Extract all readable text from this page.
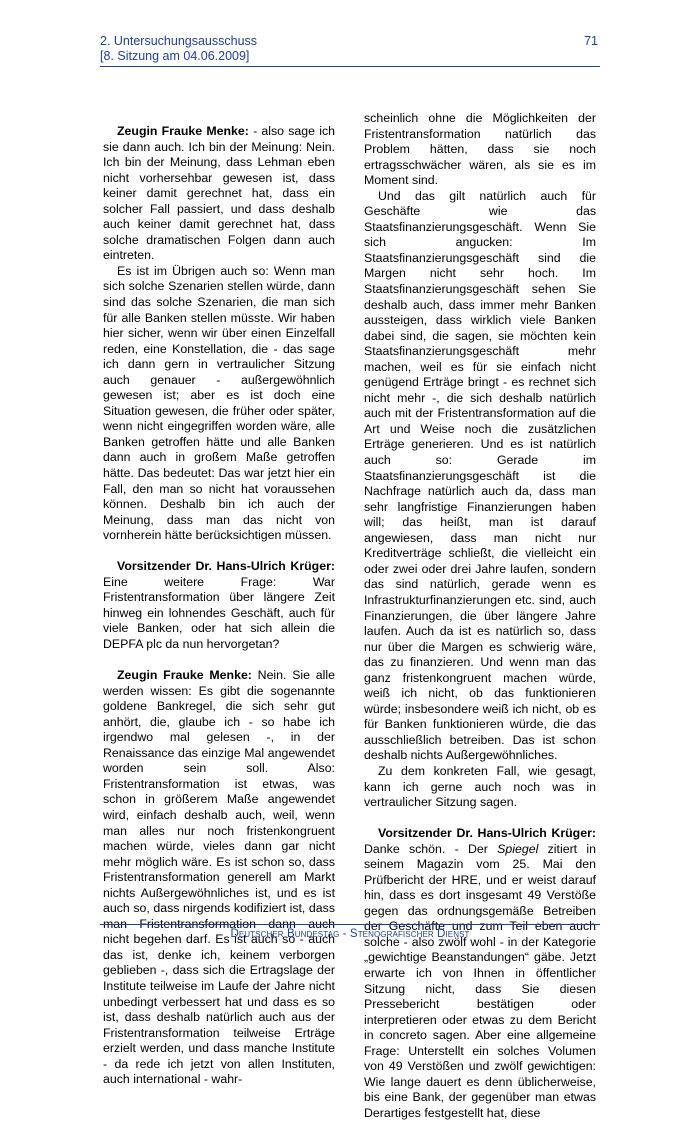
2. Untersuchungsausschuss
[8. Sitzung am 04.06.2009]
71

Zeugin Frauke Menke: - also sage ich sie dann auch. Ich bin der Meinung: Nein. Ich bin der Meinung, dass Lehman eben nicht vorhersehbar gewesen ist, dass keiner damit gerechnet hat, dass ein solcher Fall passiert, und dass deshalb auch keiner damit gerechnet hat, dass solche dramatischen Folgen dann auch eintreten.

Es ist im Übrigen auch so: Wenn man sich solche Szenarien stellen würde, dann sind das solche Szenarien, die man sich für alle Banken stellen müsste. Wir haben hier sicher, wenn wir über einen Einzelfall reden, eine Konstellation, die - das sage ich dann gern in vertraulicher Sitzung auch genauer - außergewöhnlich gewesen ist; aber es ist doch eine Situation gewesen, die früher oder später, wenn nicht eingegriffen worden wäre, alle Banken getroffen hätte und alle Banken dann auch in großem Maße getroffen hätte. Das bedeutet: Das war jetzt hier ein Fall, den man so nicht hat voraussehen können. Deshalb bin ich auch der Meinung, dass man das nicht von vornherein hätte berücksichtigen müssen.

Vorsitzender Dr. Hans-Ulrich Krüger: Eine weitere Frage: War Fristentransformation über längere Zeit hinweg ein lohnendes Geschäft, auch für viele Banken, oder hat sich allein die DEPFA plc da nun hervorgetan?

Zeugin Frauke Menke: Nein. Sie alle werden wissen: Es gibt die sogenannte goldene Bankregel, die sich sehr gut anhört, die, glaube ich - so habe ich irgendwo mal gelesen -, in der Renaissance das einzige Mal angewendet worden sein soll. Also: Fristentransformation ist etwas, was schon in größerem Maße angewendet wird, einfach deshalb auch, weil, wenn man alles nur noch fristenkongruent machen würde, vieles dann gar nicht mehr möglich wäre. Es ist schon so, dass Fristentransformation generell am Markt nichts Außergewöhnliches ist, und es ist auch so, dass nirgends kodifiziert ist, dass man Fristentransformation dann auch nicht begehen darf. Es ist auch so - auch das ist, denke ich, keinem verborgen geblieben -, dass sich die Ertragslage der Institute teilweise im Laufe der Jahre nicht unbedingt verbessert hat und dass es so ist, dass deshalb natürlich auch aus der Fristentransformation teilweise Erträge erzielt werden, und dass manche Institute - da rede ich jetzt von allen Instituten, auch international - wahr-

scheinlich ohne die Möglichkeiten der Fristentransformation natürlich das Problem hätten, dass sie noch ertragsschwächer wären, als sie es im Moment sind.

Und das gilt natürlich auch für Geschäfte wie das Staatsfinanzierungsgeschäft. Wenn Sie sich angucken: Im Staatsfinanzierungsgeschäft sind die Margen nicht sehr hoch. Im Staatsfinanzierungsgeschäft sehen Sie deshalb auch, dass immer mehr Banken aussteigen, dass wirklich viele Banken dabei sind, die sagen, sie möchten kein Staatsfinanzierungsgeschäft mehr machen, weil es für sie einfach nicht genügend Erträge bringt - es rechnet sich nicht mehr -, die sich deshalb natürlich auch mit der Fristentransformation auf die Art und Weise noch die zusätzlichen Erträge generieren. Und es ist natürlich auch so: Gerade im Staatsfinanzierungsgeschäft ist die Nachfrage natürlich auch da, dass man sehr langfristige Finanzierungen haben will; das heißt, man ist darauf angewiesen, dass man nicht nur Kreditverträge schließt, die vielleicht ein oder zwei oder drei Jahre laufen, sondern das sind natürlich, gerade wenn es Infrastrukturfinanzierungen etc. sind, auch Finanzierungen, die über längere Jahre laufen. Auch da ist es natürlich so, dass nur über die Margen es schwierig wäre, das zu finanzieren. Und wenn man das ganz fristenkongruent machen würde, weiß ich nicht, ob das funktionieren würde; insbesondere weiß ich nicht, ob es für Banken funktionieren würde, die das ausschließlich betreiben. Das ist schon deshalb nichts Außergewöhnliches.

Zu dem konkreten Fall, wie gesagt, kann ich gerne auch noch was in vertraulicher Sitzung sagen.

Vorsitzender Dr. Hans-Ulrich Krüger: Danke schön. - Der Spiegel zitiert in seinem Magazin vom 25. Mai den Prüfbericht der HRE, und er weist darauf hin, dass es dort insgesamt 49 Verstöße gegen das ordnungsgemäße Betreiben der Geschäfte und zum Teil eben auch solche - also zwölf wohl - in der Kategorie „gewichtige Beanstandungen“ gäbe. Jetzt erwarte ich von Ihnen in öffentlicher Sitzung nicht, dass Sie diesen Pressebericht bestätigen oder interpretieren oder etwas zu dem Bericht in concreto sagen. Aber eine allgemeine Frage: Unterstellt ein solches Volumen von 49 Verstößen und zwölf gewichtigen: Wie lange dauert es denn üblicherweise, bis eine Bank, der gegenüber man etwas Derartiges festgestellt hat, diese

Deutscher Bundestag - Stenografischer Dienst
